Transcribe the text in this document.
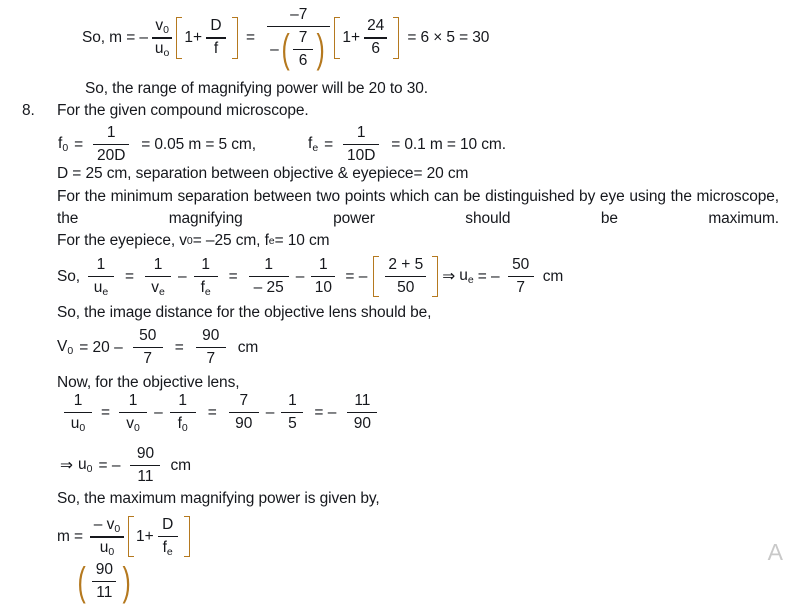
So, m = – $\frac{v0}{uo} 1+ \frac{D}{f}$	=
–7
– ( $\frac{7}{6}$ ) $1+ \frac{24}{6}$	= 6 × 5 = 30
So, the range of magnifying power will be 20 to 30.
8. For the given compound microscope.
$f0 = \frac{1}{20D} = 0.05$ m = 5 cm,	fe = $\frac{1}{10D} = 0.1$ m = 10 cm.
D = 25 cm, separation between objective & eyepiece= 20 cm
For the minimum separation between two points which can be distinguished by eye using the microscope, the magnifying power should be maximum.
For the eyepiece, v 0 = –25 cm, f e = 10 cm
So, $\frac{1}{ue} = \frac{1}{ve} - \frac{1}{fe} = \frac{1}{- 25} - \frac{1}{10}$ = –	$\frac{2 + 5}{50}$ ⇒ ue = – $\frac{50}{7}$ cm
So, the image distance for the objective lens should be,
$V0 = 20 - \frac{50}{7} = \frac{90}{7}$ cm
Now, for the objective lens,
$\frac{1}{u0} = \frac{1}{v0} - \frac{1}{f0} = \frac{7}{90} - \frac{1}{5}$ = – $\frac{11}{90}$
⇒ u0 = – $\frac{90}{11}$ cm
So, the maximum magnifying power is given by,
$m = \frac{- v0}{u0} 1+ \frac{D}{fe}$
( $\frac{90}{11}$ )
A
